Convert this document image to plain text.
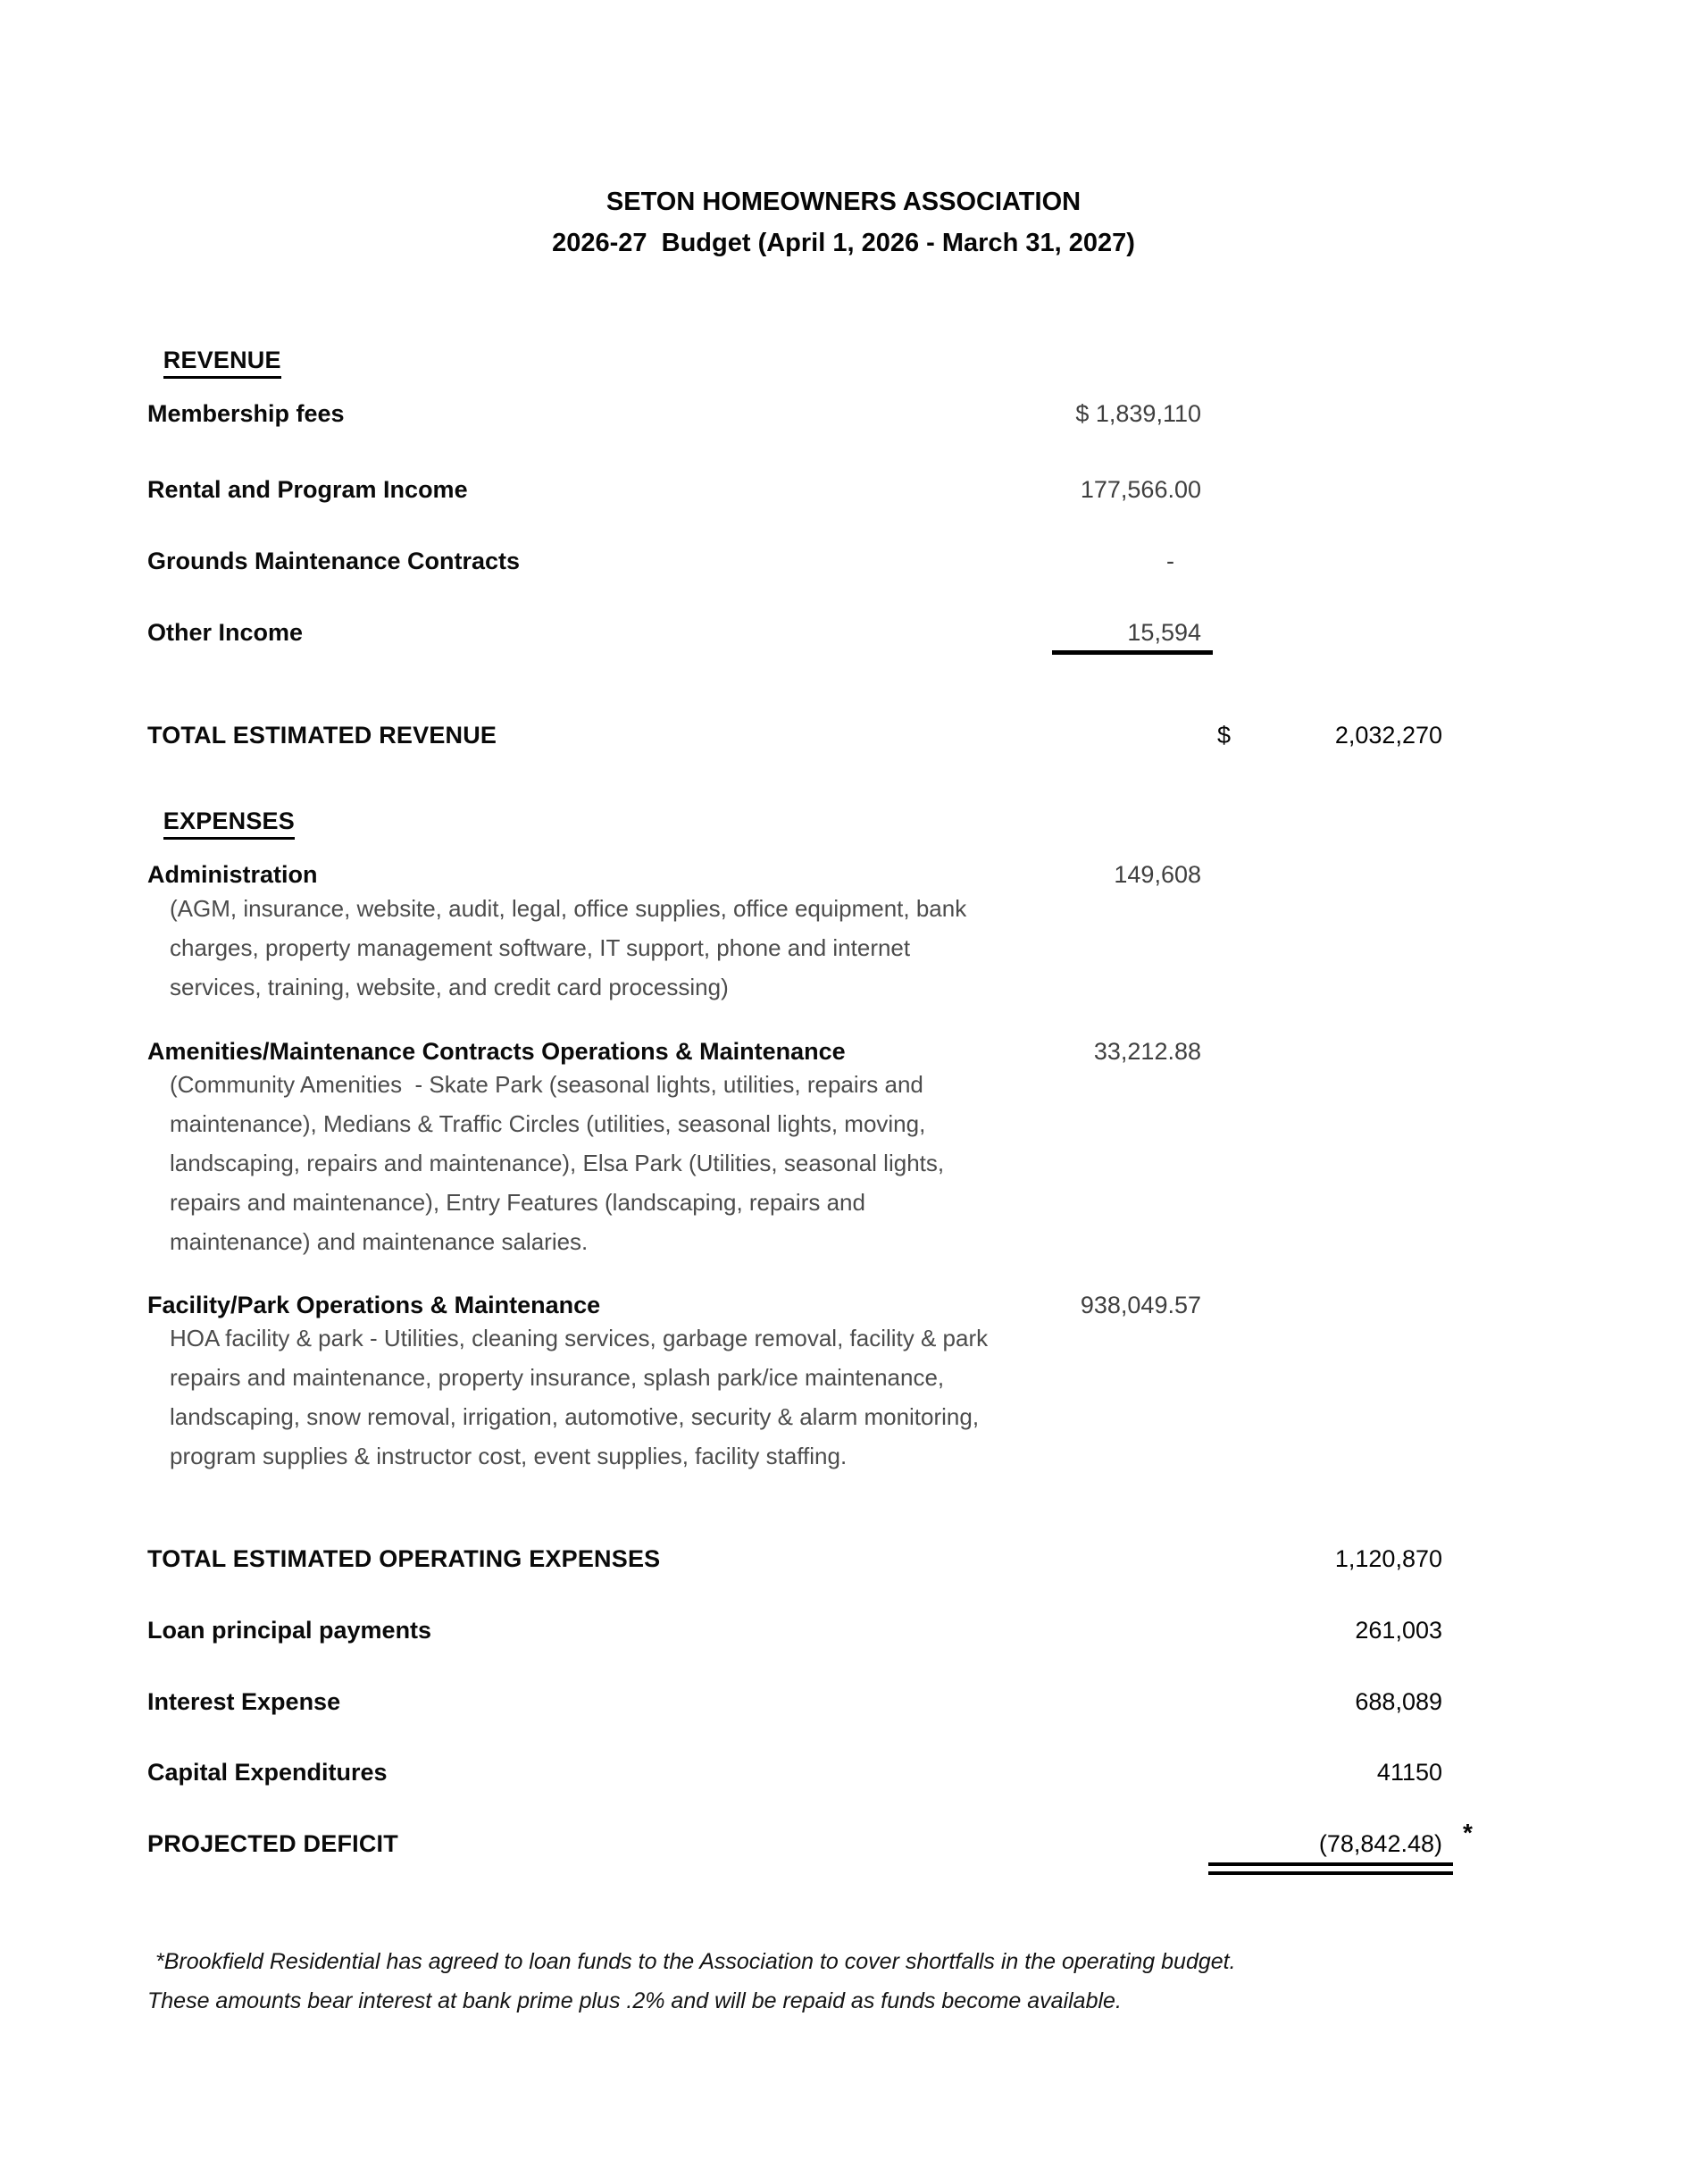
SETON HOMEOWNERS ASSOCIATION
2026-27  Budget (April 1, 2026 - March 31, 2027)

REVENUE

Membership fees	$ 1,839,110
Rental and Program Income	177,566.00
Grounds Maintenance Contracts	-
Other Income	15,594
TOTAL ESTIMATED REVENUE	$	2,032,270

EXPENSES

Administration	149,608
(AGM, insurance, website, audit, legal, office supplies, office equipment, bank
charges, property management software, IT support, phone and internet
services, training, website, and credit card processing)
Amenities/Maintenance Contracts Operations & Maintenance	33,212.88
(Community Amenities  - Skate Park (seasonal lights, utilities, repairs and
maintenance), Medians & Traffic Circles (utilities, seasonal lights, moving,
landscaping, repairs and maintenance), Elsa Park (Utilities, seasonal lights,
repairs and maintenance), Entry Features (landscaping, repairs and
maintenance) and maintenance salaries.
Facility/Park Operations & Maintenance	938,049.57
HOA facility & park - Utilities, cleaning services, garbage removal, facility & park
repairs and maintenance, property insurance, splash park/ice maintenance,
landscaping, snow removal, irrigation, automotive, security & alarm monitoring,
program supplies & instructor cost, event supplies, facility staffing.
TOTAL ESTIMATED OPERATING EXPENSES	1,120,870
Loan principal payments	261,003
Interest Expense	688,089
Capital Expenditures	41150
PROJECTED DEFICIT	(78,842.48) *
*Brookfield Residential has agreed to loan funds to the Association to cover shortfalls in the operating budget.
These amounts bear interest at bank prime plus .2% and will be repaid as funds become available.
